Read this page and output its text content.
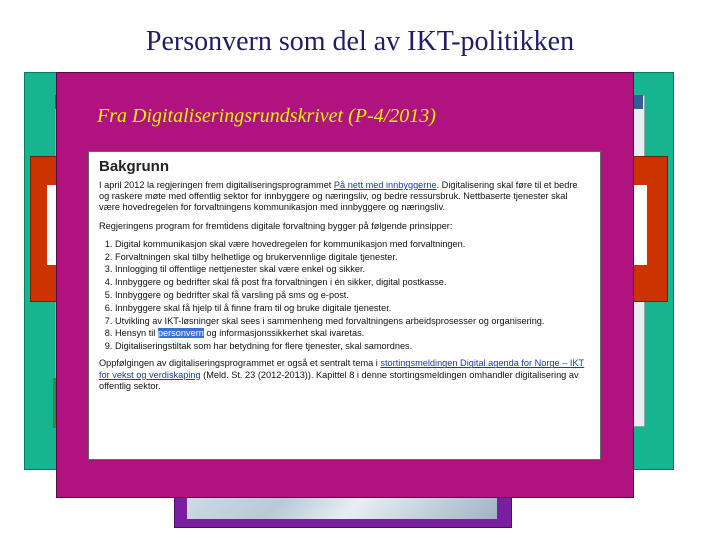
Personvern som del av IKT-politikken
Fra Digitaliseringsrundskrivet (P-4/2013)
Bakgrunn

I april 2012 la regjeringen frem digitaliseringsprogrammet På nett med innbyggerne. Digitalisering skal føre til et bedre og raskere møte med offentlig sektor for innbyggere og næringsliv, og bedre ressursbruk. Nettbaserte tjenester skal være hovedregelen for forvaltningens kommunikasjon med innbyggere og næringsliv.

Regjeringens program for fremtidens digitale forvaltning bygger på følgende prinsipper:

1. Digital kommunikasjon skal være hovedregelen for kommunikasjon med forvaltningen.
2. Forvaltningen skal tilby helhetlige og brukervennlige digitale tjenester.
3. Innlogging til offentlige nettjenester skal være enkel og sikker.
4. Innbyggere og bedrifter skal få post fra forvaltningen i én sikker, digital postkasse.
5. Innbyggere og bedrifter skal få varsling på sms og e-post.
6. Innbyggere skal få hjelp til å finne fram til og bruke digitale tjenester.
7. Utvikling av IKT-løsninger skal sees i sammenheng med forvaltningens arbeidsprosesser og organisering.
8. Hensyn til personvern og informasjonssikkerhet skal ivaretas.
9. Digitaliseringstiltak som har betydning for flere tjenester, skal samordnes.

Oppfølgingen av digitaliseringsprogrammet er også et sentralt tema i stortingsmeldingen Digital agenda for Norge – IKT for vekst og verdiskaping (Meld. St. 23 (2012-2013)). Kapittel 8 i denne stortingsmeldingen omhandler digitalisering av offentlig sektor.
